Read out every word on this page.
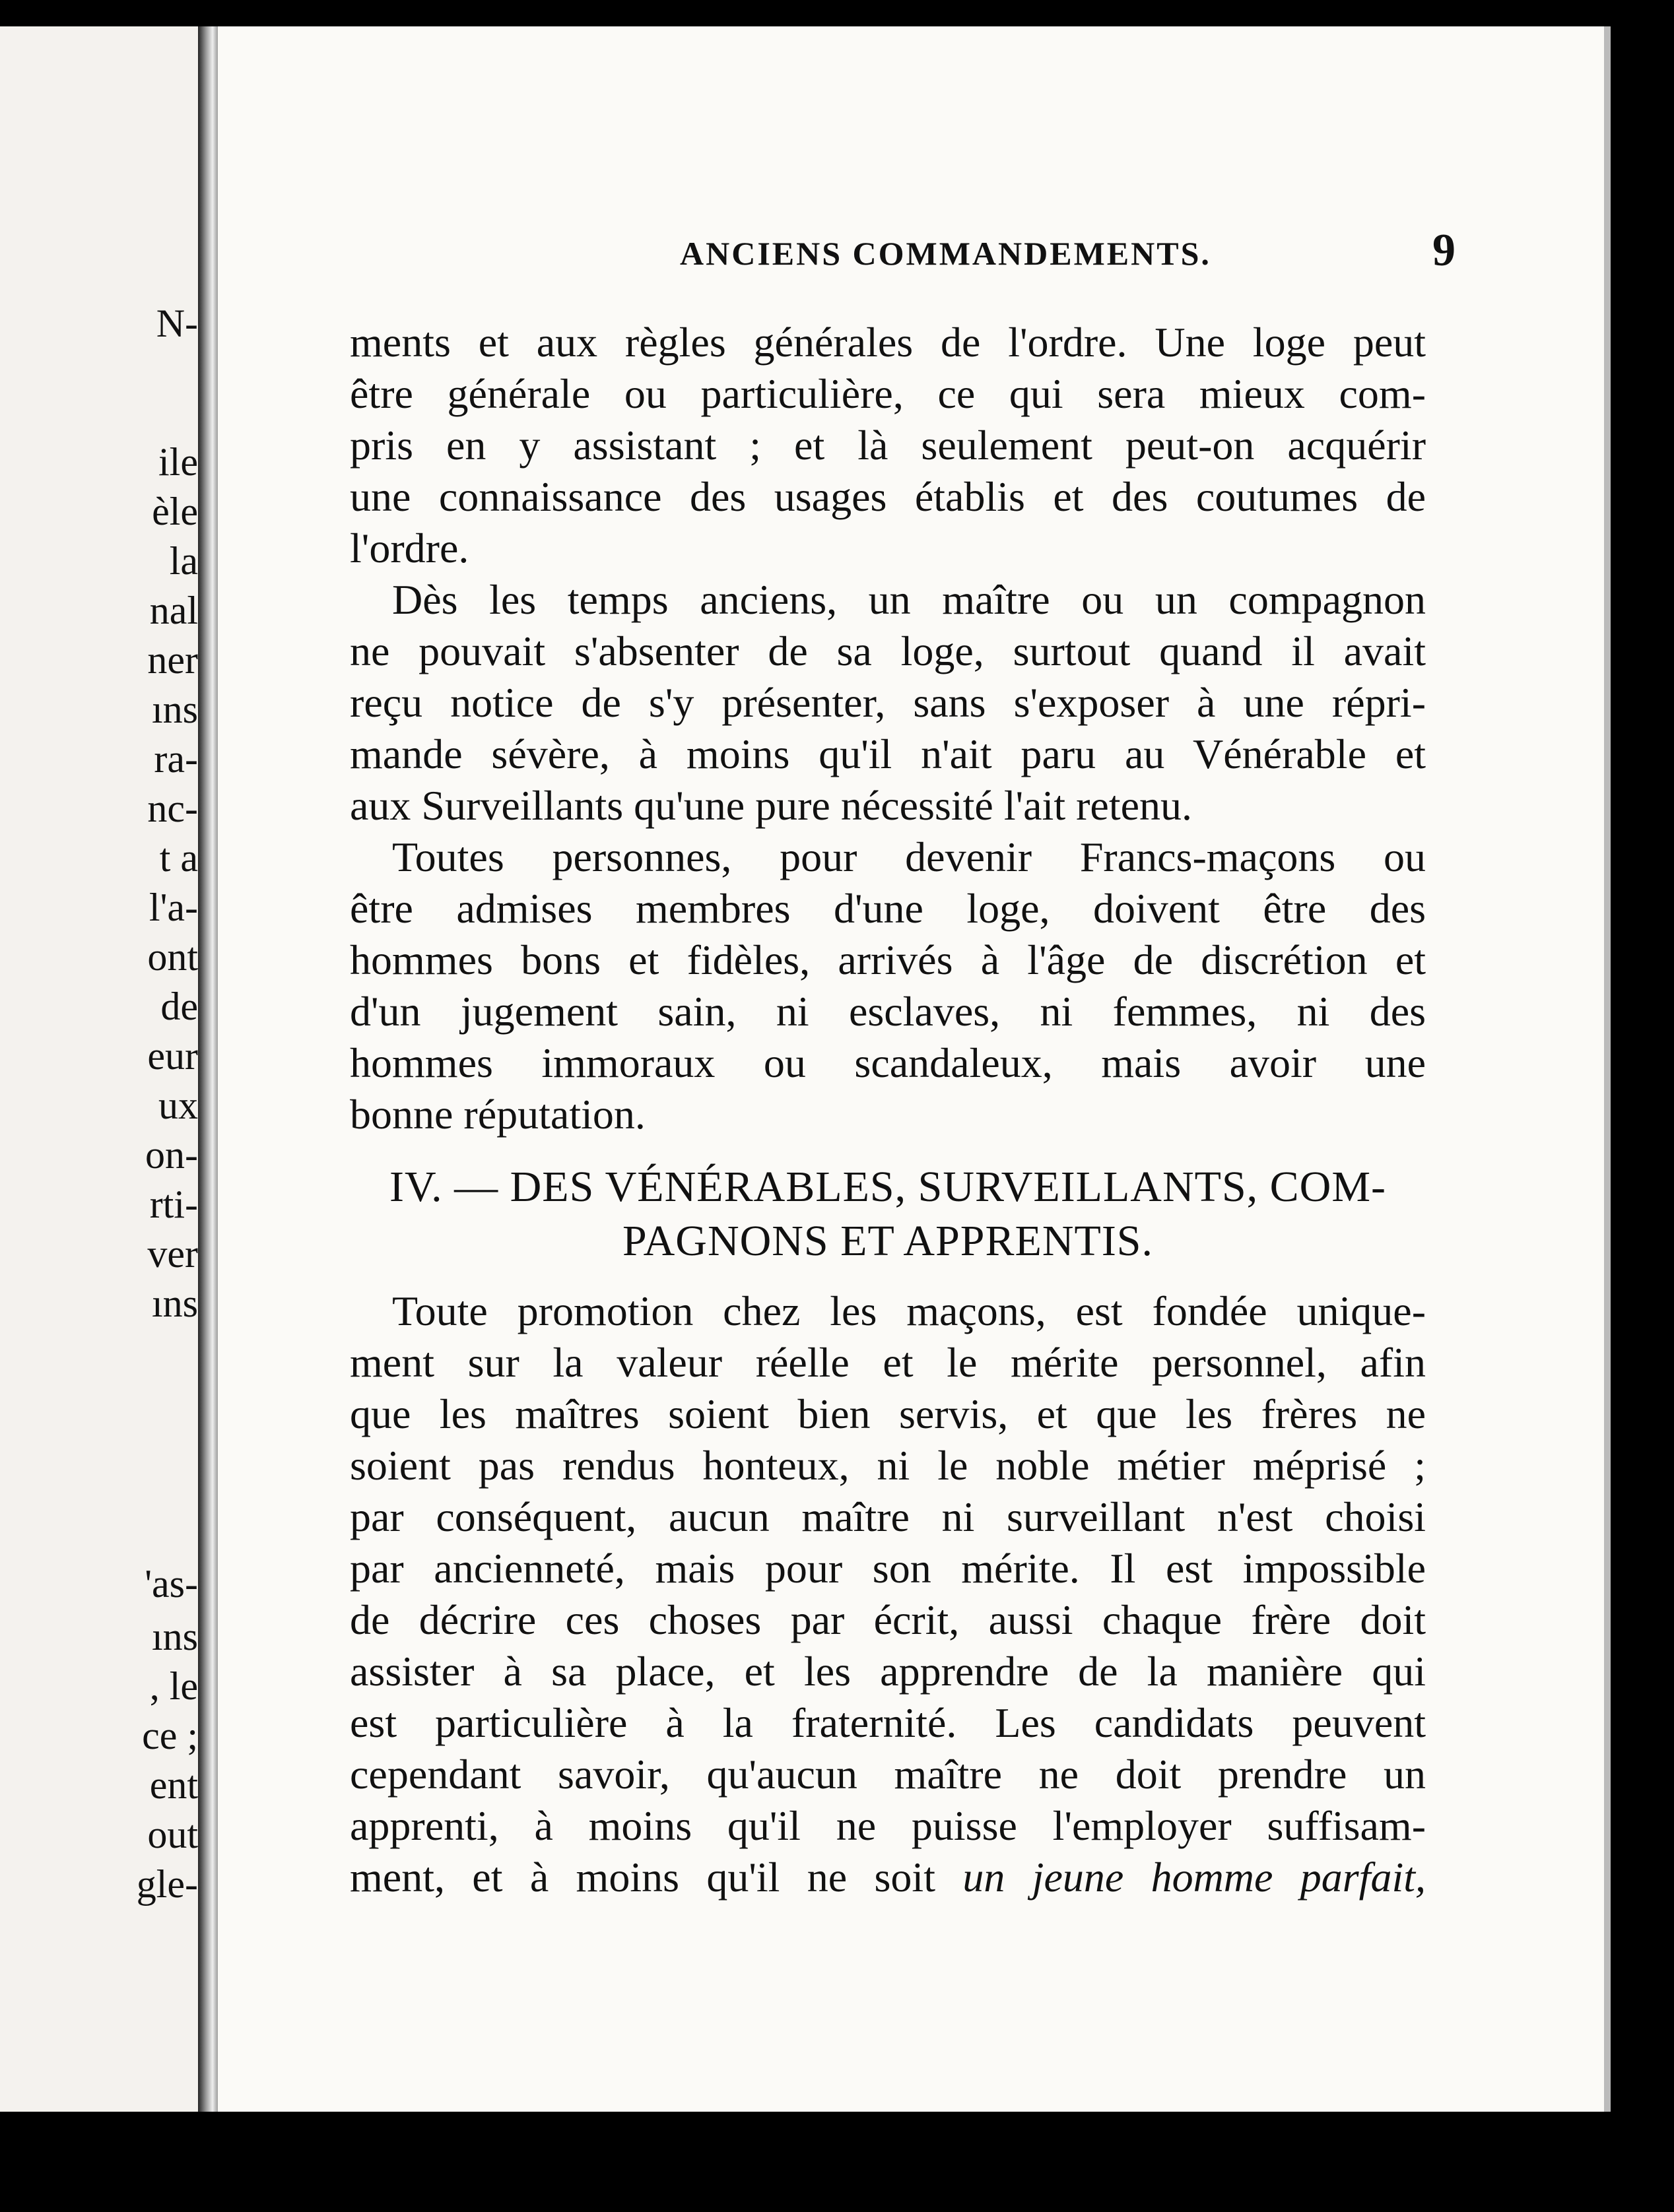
N-
ile
èle
la
nal
ner
ıns
ra-
nc-
t a
l'a-
ont
de
eur
ux
on-
rti-
ver
ıns
'as-
ıns
, le
ce ;
ent
out
gle-
ANCIENS COMMANDEMENTS.	9
ments et aux règles générales de l'ordre. Une loge peut
être générale ou particulière, ce qui sera mieux com-
pris en y assistant ; et là seulement peut-on acquérir
une connaissance des usages établis et des coutumes de
l'ordre.
Dès les temps anciens, un maître ou un compagnon
ne pouvait s'absenter de sa loge, surtout quand il avait
reçu notice de s'y présenter, sans s'exposer à une répri-
mande sévère, à moins qu'il n'ait paru au Vénérable et
aux Surveillants qu'une pure nécessité l'ait retenu.
Toutes personnes, pour devenir Francs-maçons ou
être admises membres d'une loge, doivent être des
hommes bons et fidèles, arrivés à l'âge de discrétion et
d'un jugement sain, ni esclaves, ni femmes, ni des
hommes immoraux ou scandaleux, mais avoir une
bonne réputation.
IV. — DES VÉNÉRABLES, SURVEILLANTS, COM-
PAGNONS ET APPRENTIS.
Toute promotion chez les maçons, est fondée unique-
ment sur la valeur réelle et le mérite personnel, afin
que les maîtres soient bien servis, et que les frères ne
soient pas rendus honteux, ni le noble métier méprisé ;
par conséquent, aucun maître ni surveillant n'est choisi
par ancienneté, mais pour son mérite. Il est impossible
de décrire ces choses par écrit, aussi chaque frère doit
assister à sa place, et les apprendre de la manière qui
est particulière à la fraternité. Les candidats peuvent
cependant savoir, qu'aucun maître ne doit prendre un
apprenti, à moins qu'il ne puisse l'employer suffisam-
ment, et à moins qu'il ne soit un jeune homme parfait,
